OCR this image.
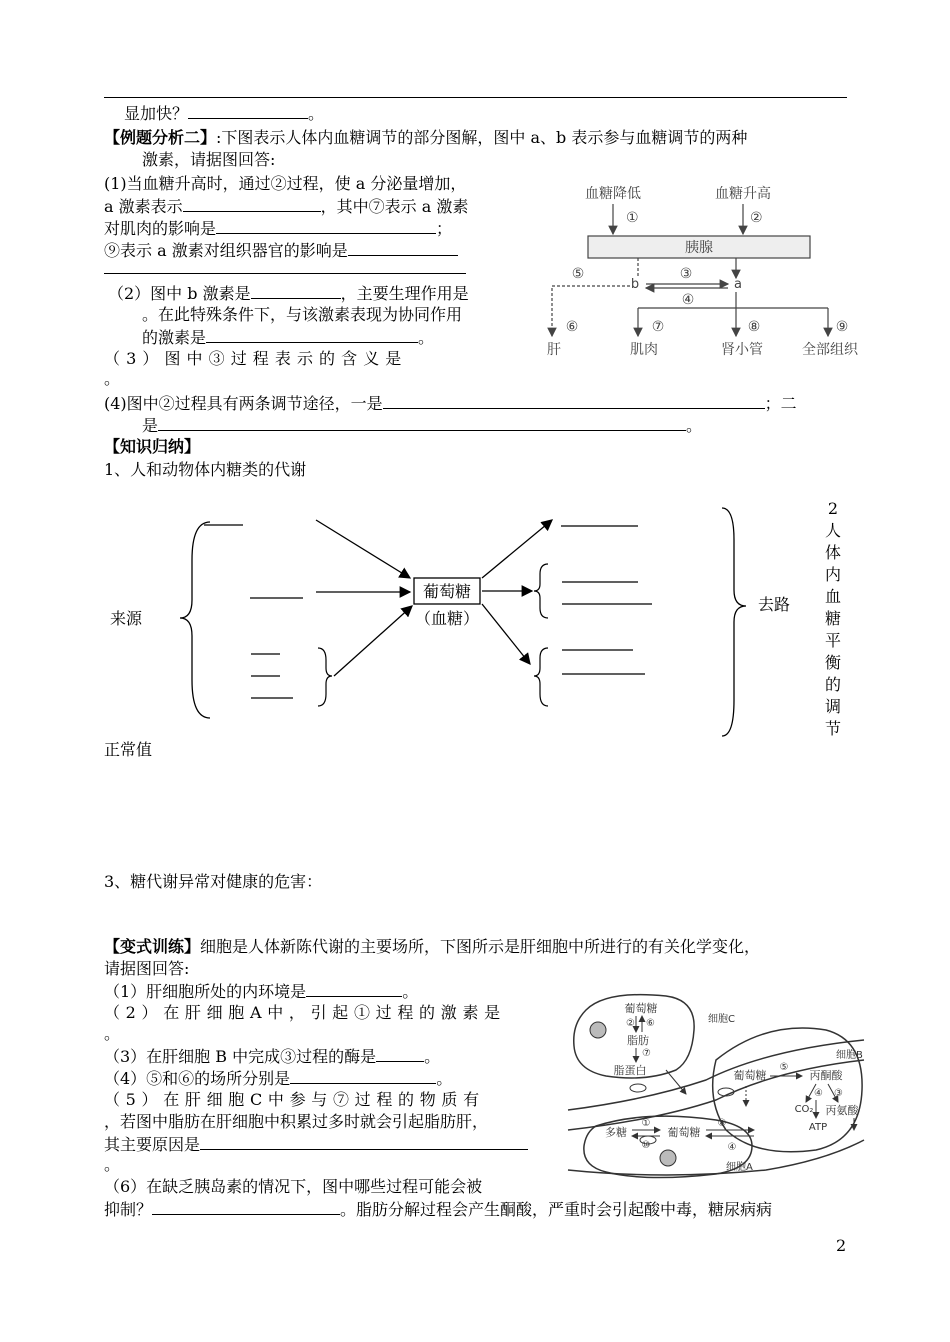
显加快？	。
【例题分析二】:下图表示人体内血糖调节的部分图解，图中 a、b 表示参与血糖调节的两种
激素，请据图回答:
(1)当血糖升高时，通过②过程，使 a 分泌量增加，
a 激素表示	，其中⑦表示 a 激素
对肌肉的影响是	；
⑨表示 a 激素对组织器官的影响是
（2）图中 b 激素是	，主要生理作用是
。在此特殊条件下，与该激素表现为协同作用
的激素是	。
（ 3 ） 图 中 ③ 过 程 表 示 的 含 义 是
。
(4)图中②过程具有两条调节途径，一是	；二
是	。
血糖降低	血糖升高
①	②
胰腺
b	a
③
④
⑤
⑥	⑦	⑧	⑨
肝	肌肉	肾小管	全部组织
【知识归纳】
1、人和动物体内糖类的代谢
来源
葡萄糖
（血糖）
去路
2
人
体
内
血
糖
平
衡
的
调
节
正常值
3、糖代谢异常对健康的危害：
【变式训练】细胞是人体新陈代谢的主要场所，下图所示是肝细胞中所进行的有关化学变化，
请据图回答:
（1）肝细胞所处的内环境是	。
（ 2 ） 在 肝 细 胞 A 中 ， 引 起 ① 过 程 的 激 素 是
。
（3）在肝细胞 B 中完成③过程的酶是	。
（4）⑤和⑥的场所分别是	。
（ 5 ） 在 肝 细 胞 C 中 参 与 ⑦ 过 程 的 物 质 有
，若图中脂肪在肝细胞中积累过多时就会引起脂肪肝，
其主要原因是
。
（6）在缺乏胰岛素的情况下，图中哪些过程可能会被
抑制？	。脂肪分解过程会产生酮酸，严重时会引起酸中毒，糖尿病病
葡萄糖
② ⑥
脂肪
⑦
脂蛋白
细胞C
细胞B
葡萄糖
⑤
丙酮酸
③
丙氨酸
④
CO₂
ATP
多糖
①
⑩
葡萄糖
⑧
④
细胞A
2
